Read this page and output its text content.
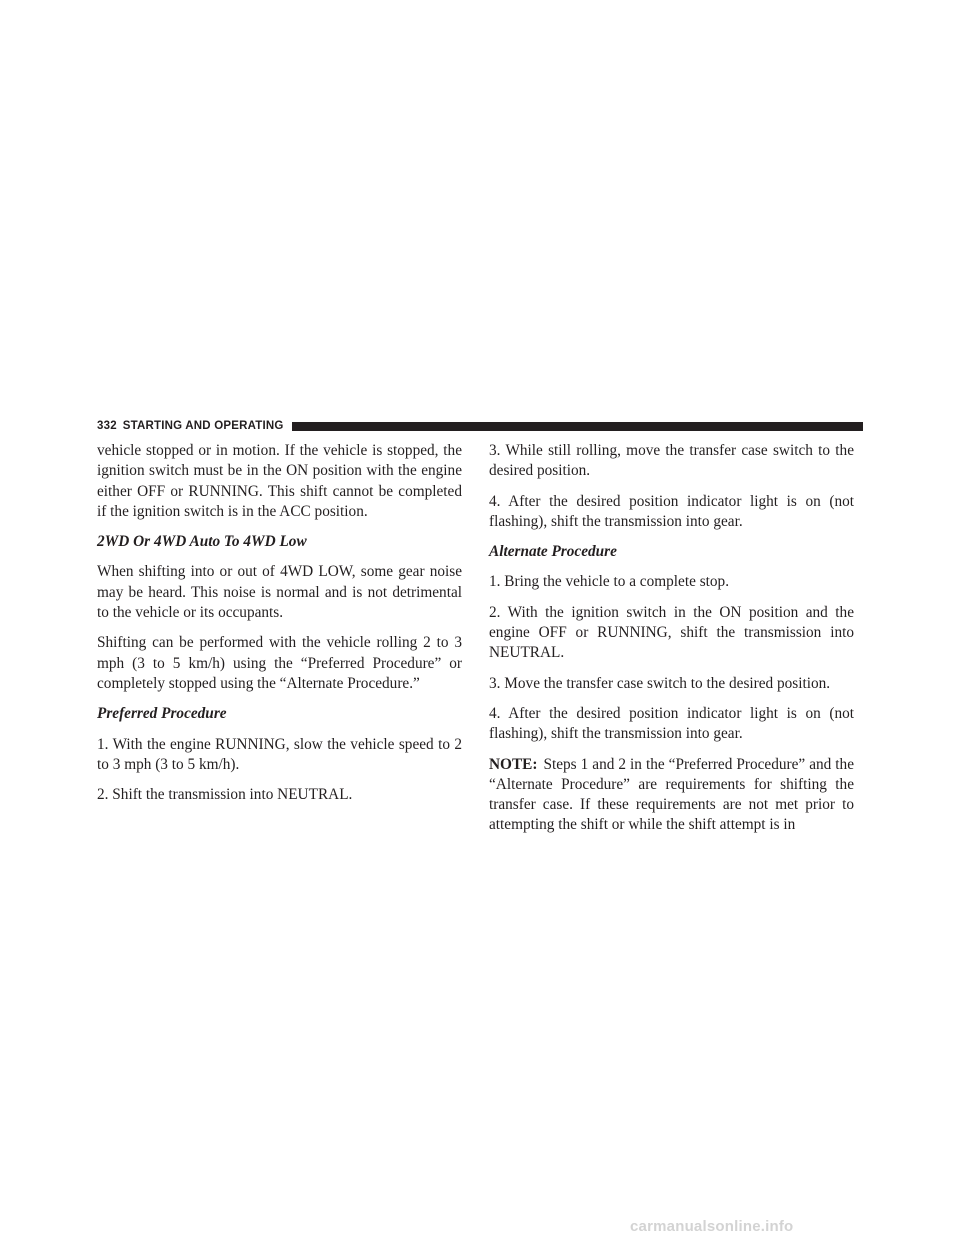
332 STARTING AND OPERATING

vehicle stopped or in motion. If the vehicle is stopped, the ignition switch must be in the ON position with the engine either OFF or RUNNING. This shift cannot be completed if the ignition switch is in the ACC position.

2WD Or 4WD Auto To 4WD Low

When shifting into or out of 4WD LOW, some gear noise may be heard. This noise is normal and is not detrimental to the vehicle or its occupants.

Shifting can be performed with the vehicle rolling 2 to 3 mph (3 to 5 km/h) using the “Preferred Procedure” or completely stopped using the “Alternate Procedure.”

Preferred Procedure

1. With the engine RUNNING, slow the vehicle speed to 2 to 3 mph (3 to 5 km/h).

2. Shift the transmission into NEUTRAL.

3. While still rolling, move the transfer case switch to the desired position.

4. After the desired position indicator light is on (not flashing), shift the transmission into gear.

Alternate Procedure

1. Bring the vehicle to a complete stop.

2. With the ignition switch in the ON position and the engine OFF or RUNNING, shift the transmission into NEUTRAL.

3. Move the transfer case switch to the desired position.

4. After the desired position indicator light is on (not flashing), shift the transmission into gear.

NOTE: Steps 1 and 2 in the “Preferred Procedure” and the “Alternate Procedure” are requirements for shifting the transfer case. If these requirements are not met prior to attempting the shift or while the shift attempt is in

carmanualsonline.info
